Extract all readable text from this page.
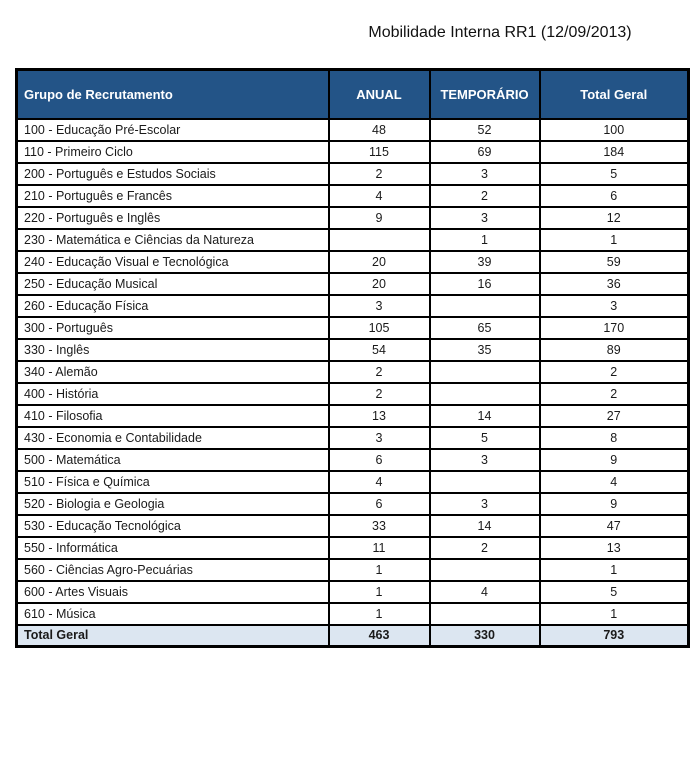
Mobilidade Interna RR1 (12/09/2013)
Grupo de Recrutamento	ANUAL	TEMPORÁRIO	Total Geral
100 - Educação Pré-Escolar	48	52	100
110 - Primeiro Ciclo	115	69	184
200 - Português e Estudos Sociais	2	3	5
210 - Português e Francês	4	2	6
220 - Português e Inglês	9	3	12
230 - Matemática e Ciências da Natureza		1	1
240 - Educação Visual e Tecnológica	20	39	59
250 - Educação Musical	20	16	36
260 - Educação Física	3		3
300 - Português	105	65	170
330 - Inglês	54	35	89
340 - Alemão	2		2
400 - História	2		2
410 - Filosofia	13	14	27
430 - Economia e Contabilidade	3	5	8
500 - Matemática	6	3	9
510 - Física e Química	4		4
520 - Biologia e Geologia	6	3	9
530 - Educação Tecnológica	33	14	47
550 - Informática	11	2	13
560 - Ciências Agro-Pecuárias	1		1
600 - Artes Visuais	1	4	5
610 - Música	1		1
Total Geral	463	330	793
